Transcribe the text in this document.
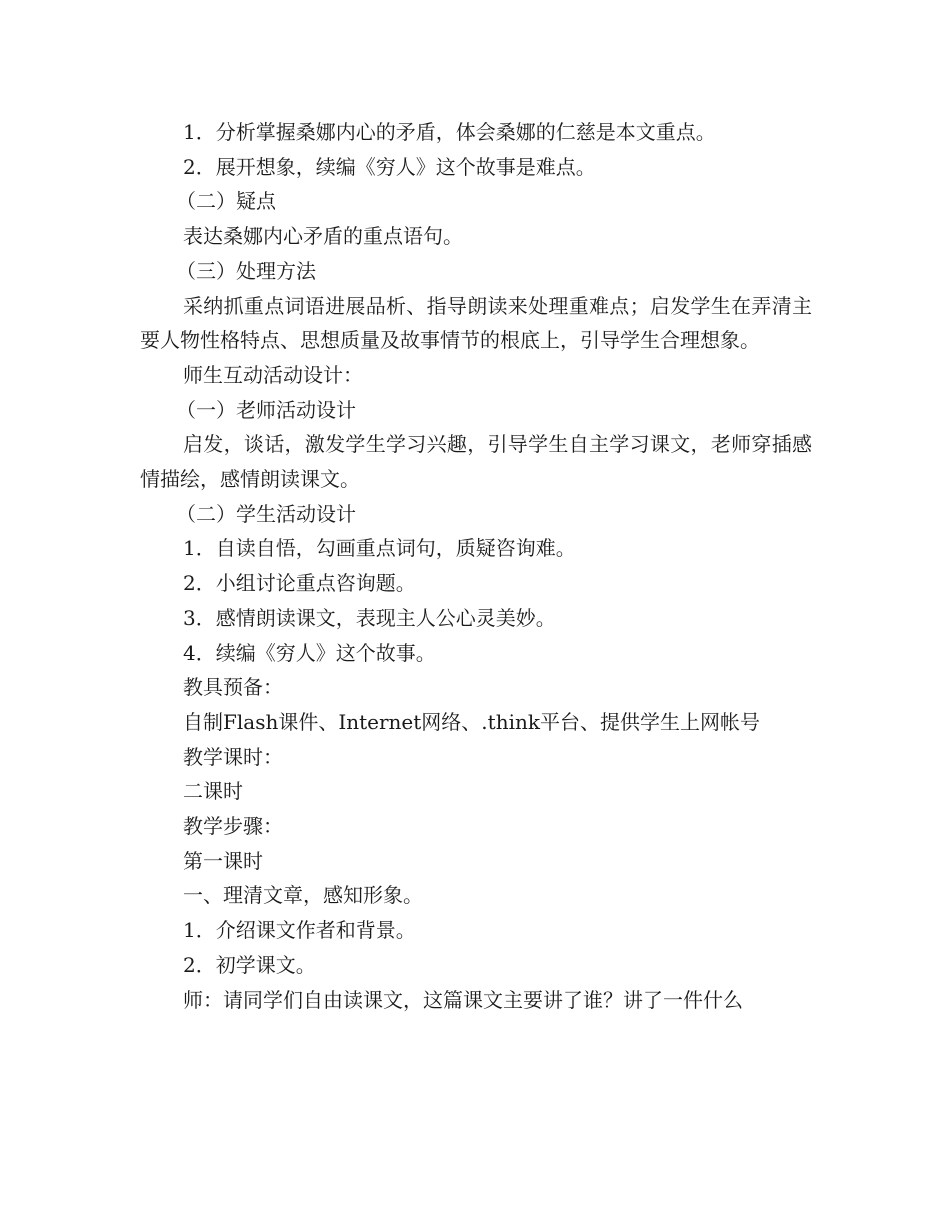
1．分析掌握桑娜内心的矛盾，体会桑娜的仁慈是本文重点。

2．展开想象，续编《穷人》这个故事是难点。

（二）疑点

表达桑娜内心矛盾的重点语句。

（三）处理方法

采纳抓重点词语进展品析、指导朗读来处理重难点；启发学生在弄清主要人物性格特点、思想质量及故事情节的根底上，引导学生合理想象。

师生互动活动设计：

（一）老师活动设计

启发，谈话，激发学生学习兴趣，引导学生自主学习课文，老师穿插感情描绘，感情朗读课文。

（二）学生活动设计

1．自读自悟，勾画重点词句，质疑咨询难。

2．小组讨论重点咨询题。

3．感情朗读课文，表现主人公心灵美妙。

4．续编《穷人》这个故事。

教具预备：

自制Flash课件、Internet网络、.think平台、提供学生上网帐号

教学课时：

二课时

教学步骤：

第一课时

一、理清文章，感知形象。

1．介绍课文作者和背景。

2．初学课文。

师：请同学们自由读课文，这篇课文主要讲了谁？讲了一件什么
